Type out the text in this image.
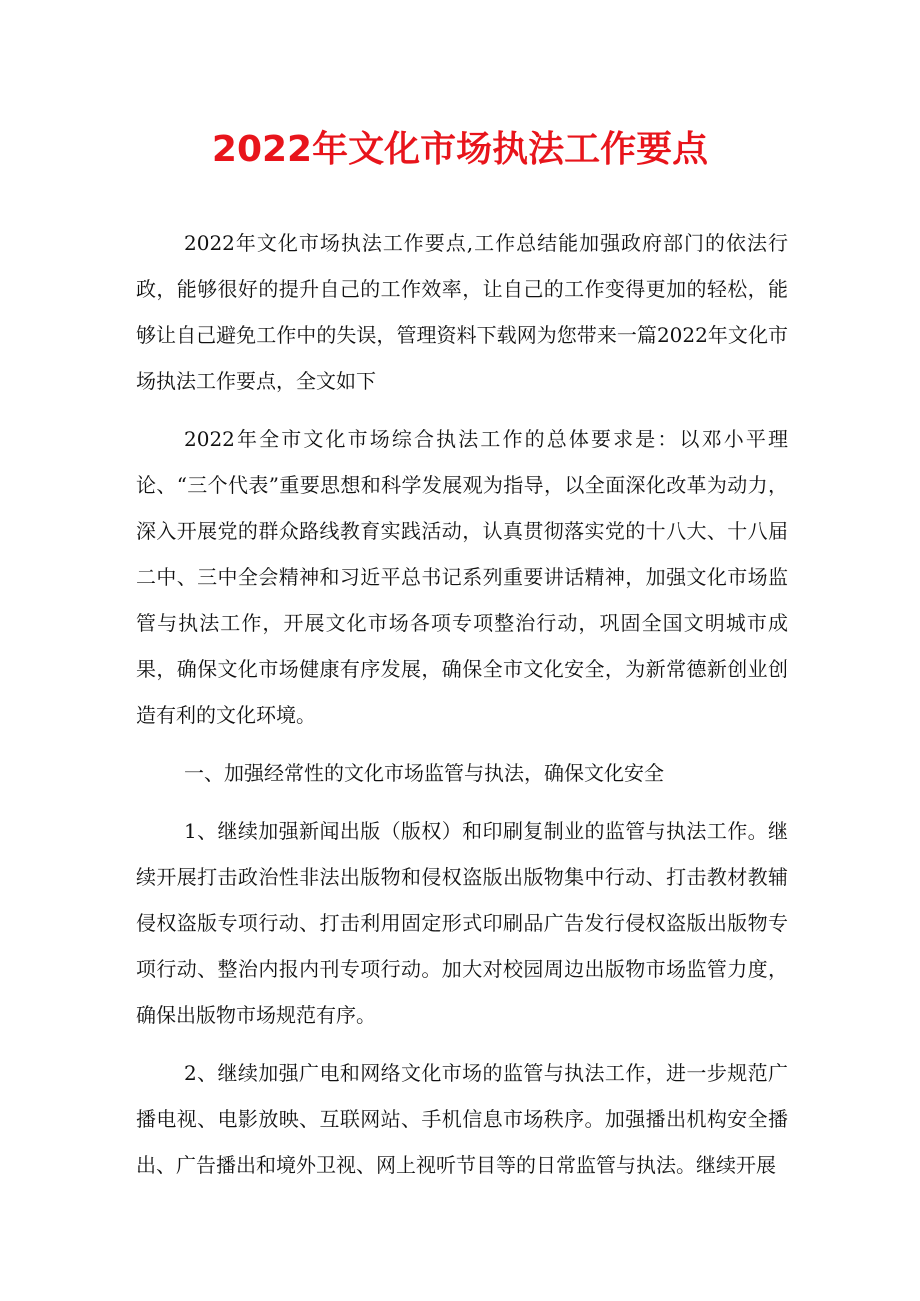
2022年文化市场执法工作要点

2022年文化市场执法工作要点,工作总结能加强政府部门的依法行政，能够很好的提升自己的工作效率，让自己的工作变得更加的轻松，能够让自己避免工作中的失误，管理资料下载网为您带来一篇2022年文化市场执法工作要点，全文如下

2022年全市文化市场综合执法工作的总体要求是：以邓小平理论、“三个代表”重要思想和科学发展观为指导，以全面深化改革为动力，深入开展党的群众路线教育实践活动，认真贯彻落实党的十八大、十八届二中、三中全会精神和习近平总书记系列重要讲话精神，加强文化市场监管与执法工作，开展文化市场各项专项整治行动，巩固全国文明城市成果，确保文化市场健康有序发展，确保全市文化安全，为新常德新创业创造有利的文化环境。

一、加强经常性的文化市场监管与执法，确保文化安全

1、继续加强新闻出版（版权）和印刷复制业的监管与执法工作。继续开展打击政治性非法出版物和侵权盗版出版物集中行动、打击教材教辅侵权盗版专项行动、打击利用固定形式印刷品广告发行侵权盗版出版物专项行动、整治内报内刊专项行动。加大对校园周边出版物市场监管力度，确保出版物市场规范有序。

2、继续加强广电和网络文化市场的监管与执法工作，进一步规范广播电视、电影放映、互联网站、手机信息市场秩序。加强播出机构安全播出、广告播出和境外卫视、网上视听节目等的日常监管与执法。继续开展
